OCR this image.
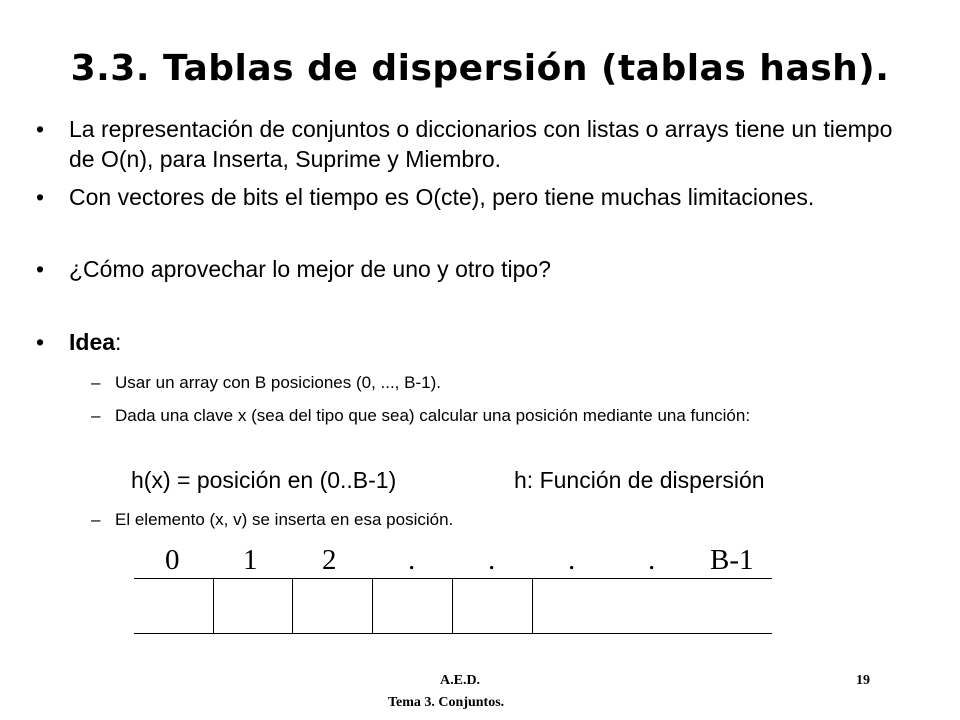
3.3. Tablas de dispersión (tablas hash).
• La representación de conjuntos o diccionarios con listas o arrays tiene un tiempo de O(n), para Inserta, Suprime y Miembro.
• Con vectores de bits el tiempo es O(cte), pero tiene muchas limitaciones.
• ¿Cómo aprovechar lo mejor de uno y otro tipo?
• Idea:
– Usar un array con B posiciones (0, ..., B-1).
– Dada una clave x (sea del tipo que sea) calcular una posición mediante una función:
h(x) = posición en (0..B-1)	h: Función de dispersión
– El elemento (x, v) se inserta en esa posición.
0 1 2 .	.	.	. B-1
A.E.D.
Tema 3. Conjuntos.
19
